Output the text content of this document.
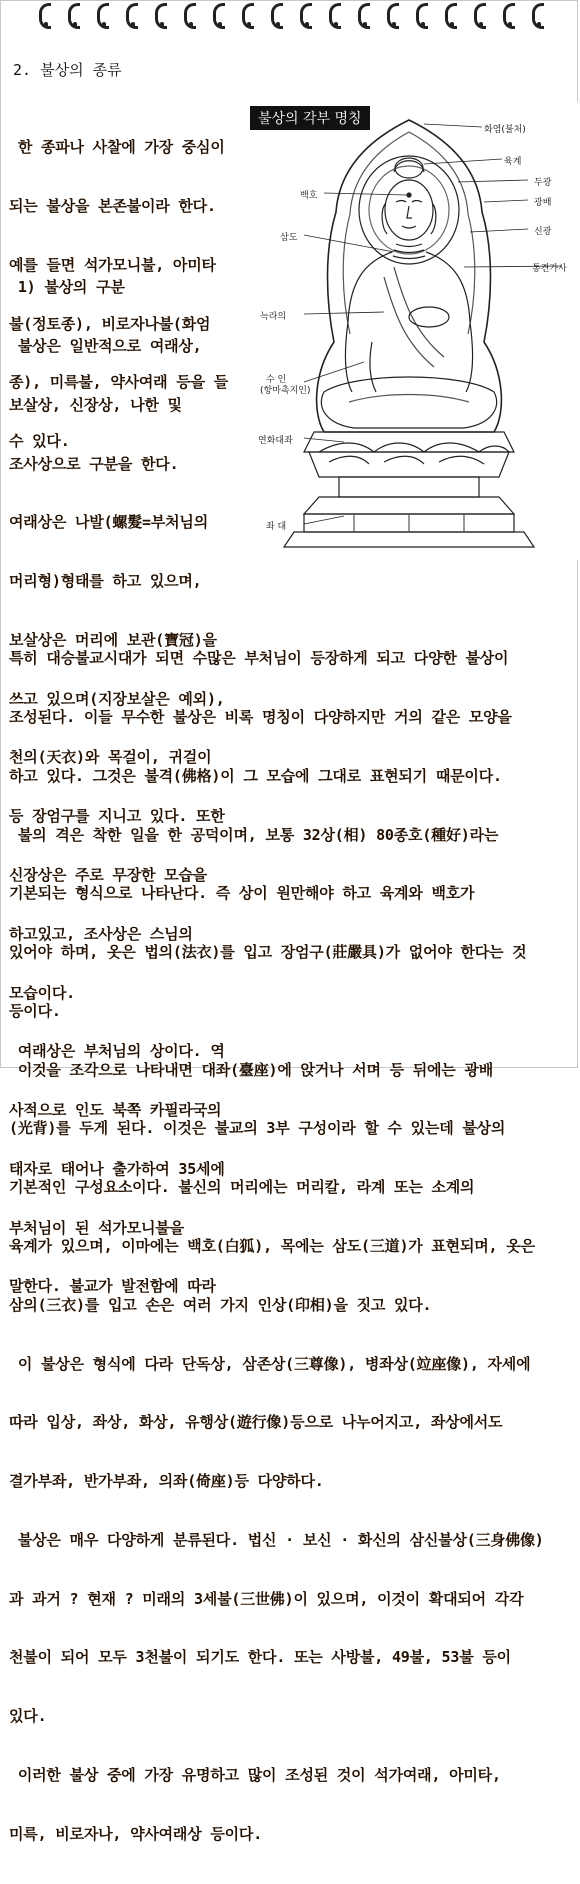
2. 불상의 종류

한 종파나 사찰에 가장 중심이

되는 불상을 본존불이라 한다.

예를 들면 석가모니불, 아미타

불(정토종), 비로자나불(화엄

종), 미륵불, 약사여래 등을 들

수 있다.

1) 불상의 구분

불상은 일반적으로 여래상,

보살상, 신장상, 나한 및

조사상으로 구분을 한다.

여래상은 나발(螺髮=부처님의

머리형)형태를 하고 있으며,

보살상은 머리에 보관(寶冠)을

쓰고 있으며(지장보살은 예외),

천의(天衣)와 목걸이, 귀걸이

등 장엄구를 지니고 있다. 또한

신장상은 주로 무장한 모습을

하고있고, 조사상은 스님의

모습이다.

여래상은 부처님의 상이다. 역

사적으로 인도 북쪽 카필라국의

태자로 태어나 출가하여 35세에

부처님이 된 석가모니불을

말한다. 불교가 발전함에 따라

특히 대승불교시대가 되면 수많은 부처님이 등장하게 되고 다양한 불상이

조성된다. 이들 무수한 불상은 비록 명칭이 다양하지만 거의 같은 모양을

하고 있다. 그것은 불격(佛格)이 그 모습에 그대로 표현되기 때문이다.

불의 격은 착한 일을 한 공덕이며, 보통 32상(相) 80종호(種好)라는

기본되는 형식으로 나타난다. 즉 상이 원만해야 하고 육계와 백호가

있어야 하며, 옷은 법의(法衣)를 입고 장엄구(莊嚴具)가 없어야 한다는 것

등이다.

이것을 조각으로 나타내면 대좌(臺座)에 앉거나 서며 등 뒤에는 광배

(光背)를 두게 된다. 이것은 불교의 3부 구성이라 할 수 있는데 불상의

기본적인 구성요소이다. 불신의 머리에는 머리칼, 라계 또는 소계의

육계가 있으며, 이마에는 백호(白狐), 목에는 삼도(三道)가 표현되며, 옷은

삼의(三衣)를 입고 손은 여러 가지 인상(印相)을 짓고 있다.

이 불상은 형식에 다라 단독상, 삼존상(三尊像), 병좌상(竝座像), 자세에

따라 입상, 좌상, 화상, 유행상(遊行像)등으로 나누어지고, 좌상에서도

결가부좌, 반가부좌, 의좌(倚座)등 다양하다.

불상은 매우 다양하게 분류된다. 법신 · 보신 · 화신의 삼신불상(三身佛像)

과 과거 ? 현재 ? 미래의 3세불(三世佛)이 있으며, 이것이 확대되어 각각

천불이 되어 모두 3천불이 되기도 한다. 또는 사방불, 49불, 53불 등이

있다.

이러한 불상 중에 가장 유명하고 많이 조성된 것이 석가여래, 아미타,

미륵, 비로자나, 약사여래상 등이다.

불상의 각부 명칭
화염(불처)
육계
두광
광배
백호
신광
삼도
통견가사
늑라의
수 인
(항마촉지인)
연화대좌
좌 대
